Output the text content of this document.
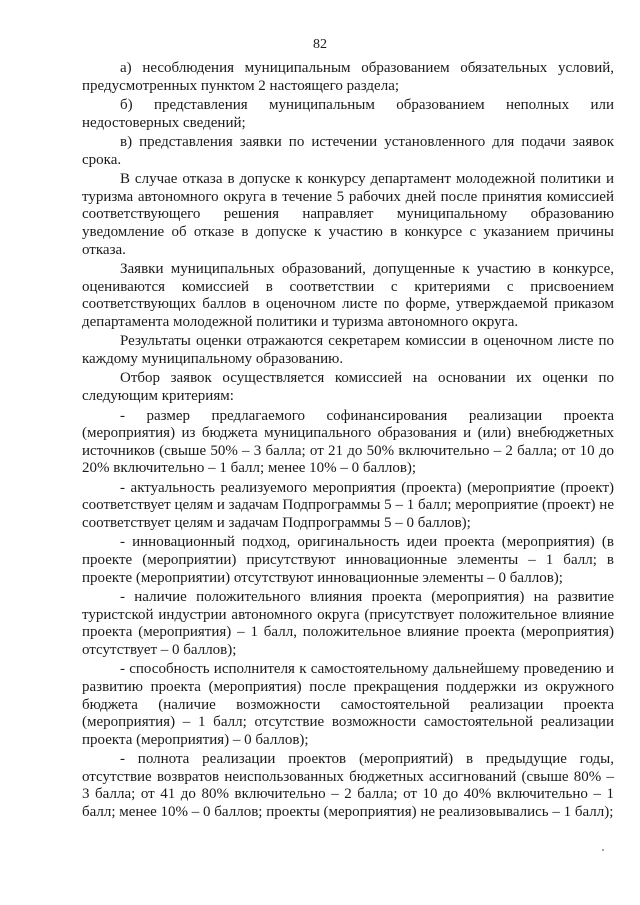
82

а) несоблюдения муниципальным образованием обязательных условий, предусмотренных пунктом 2 настоящего раздела;

б) представления муниципальным образованием неполных или недостоверных сведений;

в) представления заявки по истечении установленного для подачи заявок срока.

В случае отказа в допуске к конкурсу департамент молодежной политики и туризма автономного округа в течение 5 рабочих дней после принятия комиссией соответствующего решения направляет муниципальному образованию уведомление об отказе в допуске к участию в конкурсе с указанием причины отказа.

Заявки муниципальных образований, допущенные к участию в конкурсе, оцениваются комиссией в соответствии с критериями с присвоением соответствующих баллов в оценочном листе по форме, утверждаемой приказом департамента молодежной политики и туризма автономного округа.

Результаты оценки отражаются секретарем комиссии в оценочном листе по каждому муниципальному образованию.

Отбор заявок осуществляется комиссией на основании их оценки по следующим критериям:

- размер предлагаемого софинансирования реализации проекта (мероприятия) из бюджета муниципального образования и (или) внебюджетных источников (свыше 50% – 3 балла; от 21 до 50% включительно – 2 балла; от 10 до 20% включительно – 1 балл; менее 10% – 0 баллов);

- актуальность реализуемого мероприятия (проекта) (мероприятие (проект) соответствует целям и задачам Подпрограммы 5 – 1 балл; мероприятие (проект) не соответствует целям и задачам Подпрограммы 5 – 0 баллов);

- инновационный подход, оригинальность идеи проекта (мероприятия) (в проекте (мероприятии) присутствуют инновационные элементы – 1 балл; в проекте (мероприятии) отсутствуют инновационные элементы – 0 баллов);

- наличие положительного влияния проекта (мероприятия) на развитие туристской индустрии автономного округа (присутствует положительное влияние проекта (мероприятия) – 1 балл, положительное влияние проекта (мероприятия) отсутствует – 0 баллов);

- способность исполнителя к самостоятельному дальнейшему проведению и развитию проекта (мероприятия) после прекращения поддержки из окружного бюджета (наличие возможности самостоятельной реализации проекта (мероприятия) – 1 балл; отсутствие возможности самостоятельной реализации проекта (мероприятия) – 0 баллов);

- полнота реализации проектов (мероприятий) в предыдущие годы, отсутствие возвратов неиспользованных бюджетных ассигнований (свыше 80% – 3 балла; от 41 до 80% включительно – 2 балла; от 10 до 40% включительно – 1 балл; менее 10% – 0 баллов; проекты (мероприятия) не реализовывались – 1 балл);
